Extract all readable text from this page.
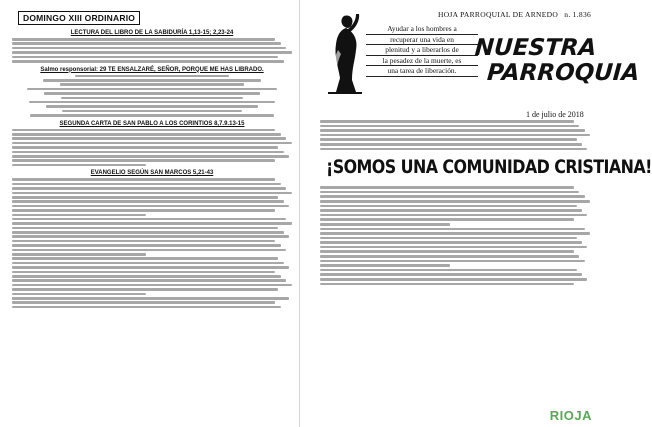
DOMINGO XIII ORDINARIO
LECTURA DEL LIBRO DE LA SABIDURÍA 1,13-15; 2,23-24
Salmo responsorial: 29 TE ENSALZARÉ, SEÑOR, PORQUE ME HAS LIBRADO.
SEGUNDA CARTA DE SAN PABLO A LOS CORINTIOS 8,7.9.13-15
EVANGELIO SEGÚN SAN MARCOS 5,21-43
HOJA PARROQUIAL DE ARNEDO n. 1.836
Ayudar a los hombres a
recuperar una vida en
plenitud y a liberarlos de
la pesadez de la muerte, es
una tarea de liberación.
NUESTRA
PARROQUIA
1 de julio de 2018
¡SOMOS UNA COMUNIDAD CRISTIANA!
RIOJA
